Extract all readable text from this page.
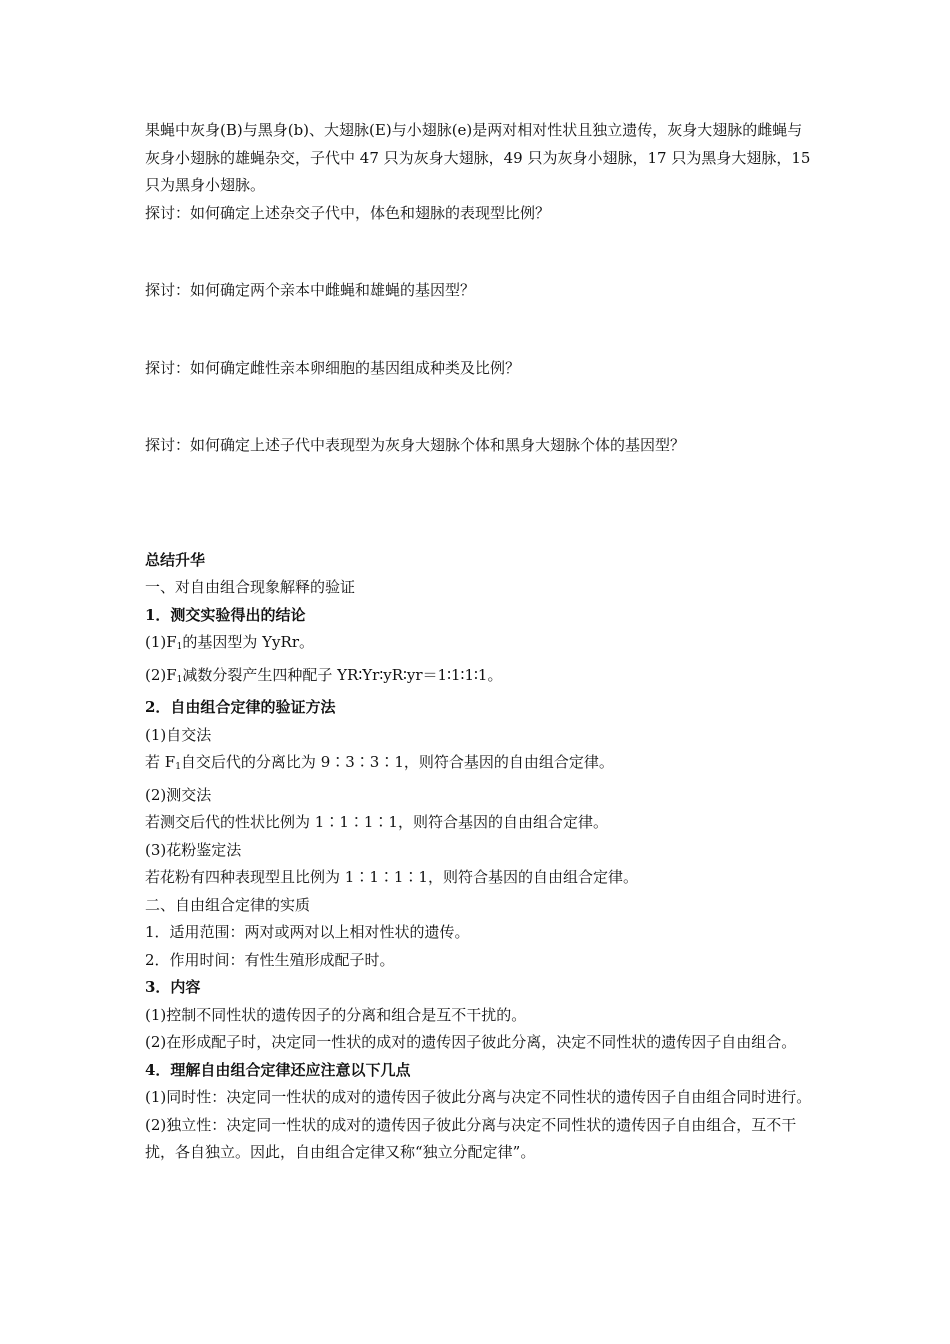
果蝇中灰身(B)与黑身(b)、大翅脉(E)与小翅脉(e)是两对相对性状且独立遗传，灰身大翅脉的雌蝇与灰身小翅脉的雄蝇杂交，子代中 47 只为灰身大翅脉，49 只为灰身小翅脉，17 只为黑身大翅脉，15 只为黑身小翅脉。
探讨：如何确定上述杂交子代中，体色和翅脉的表现型比例？
探讨：如何确定两个亲本中雌蝇和雄蝇的基因型？
探讨：如何确定雌性亲本卵细胞的基因组成种类及比例？
探讨：如何确定上述子代中表现型为灰身大翅脉个体和黑身大翅脉个体的基因型？
总结升华
一、对自由组合现象解释的验证
1．测交实验得出的结论
$(1)F_1$的基因型为 YyRr。
$(2)F_1$减数分裂产生四种配子 YR∶Yr∶yR∶yr＝1∶1∶1∶1。
2．自由组合定律的验证方法
(1)自交法
若 $F_1$自交后代的分离比为 9∶3∶3∶1，则符合基因的自由组合定律。
(2)测交法
若测交后代的性状比例为 1∶1∶1∶1，则符合基因的自由组合定律。
(3)花粉鉴定法
若花粉有四种表现型且比例为 1∶1∶1∶1，则符合基因的自由组合定律。
二、自由组合定律的实质
1．适用范围：两对或两对以上相对性状的遗传。
2．作用时间：有性生殖形成配子时。
3．内容
(1)控制不同性状的遗传因子的分离和组合是互不干扰的。
(2)在形成配子时，决定同一性状的成对的遗传因子彼此分离，决定不同性状的遗传因子自由组合。
4．理解自由组合定律还应注意以下几点
(1)同时性：决定同一性状的成对的遗传因子彼此分离与决定不同性状的遗传因子自由组合同时进行。
(2)独立性：决定同一性状的成对的遗传因子彼此分离与决定不同性状的遗传因子自由组合，互不干扰，各自独立。因此，自由组合定律又称“独立分配定律”。
